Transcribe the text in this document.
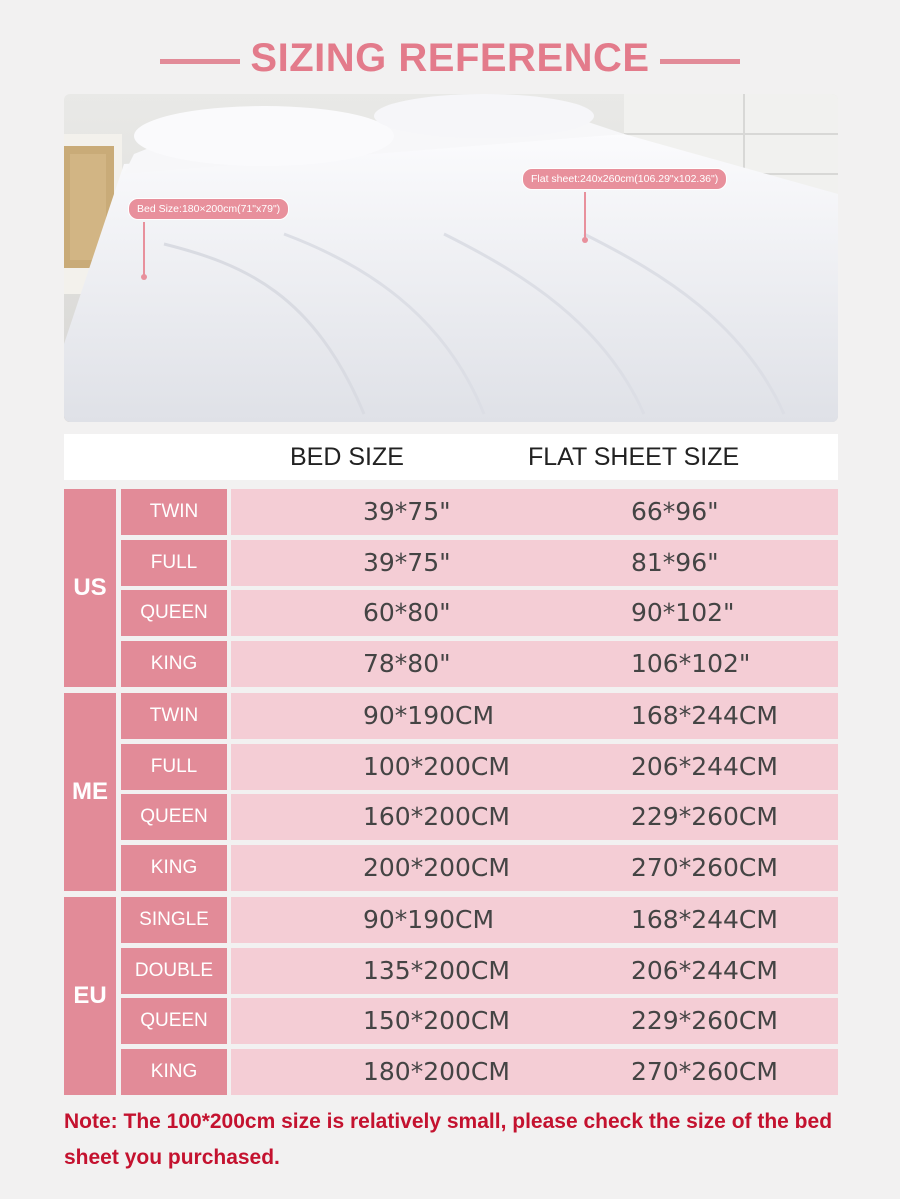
SIZING REFERENCE
Bed Size:180×200cm(71"x79")
Flat sheet:240x260cm(106.29"x102.36")
BED SIZE	FLAT SHEET SIZE
US
TWIN	39*75"	66*96"
FULL	39*75"	81*96"
QUEEN	60*80"	90*102"
KING	78*80"	106*102"
ME
TWIN	90*190CM	168*244CM
FULL	100*200CM	206*244CM
QUEEN	160*200CM	229*260CM
KING	200*200CM	270*260CM
EU
SINGLE	90*190CM	168*244CM
DOUBLE	135*200CM	206*244CM
QUEEN	150*200CM	229*260CM
KING	180*200CM	270*260CM
Note: The 100*200cm size is relatively small, please check the size of the bed sheet you purchased.
